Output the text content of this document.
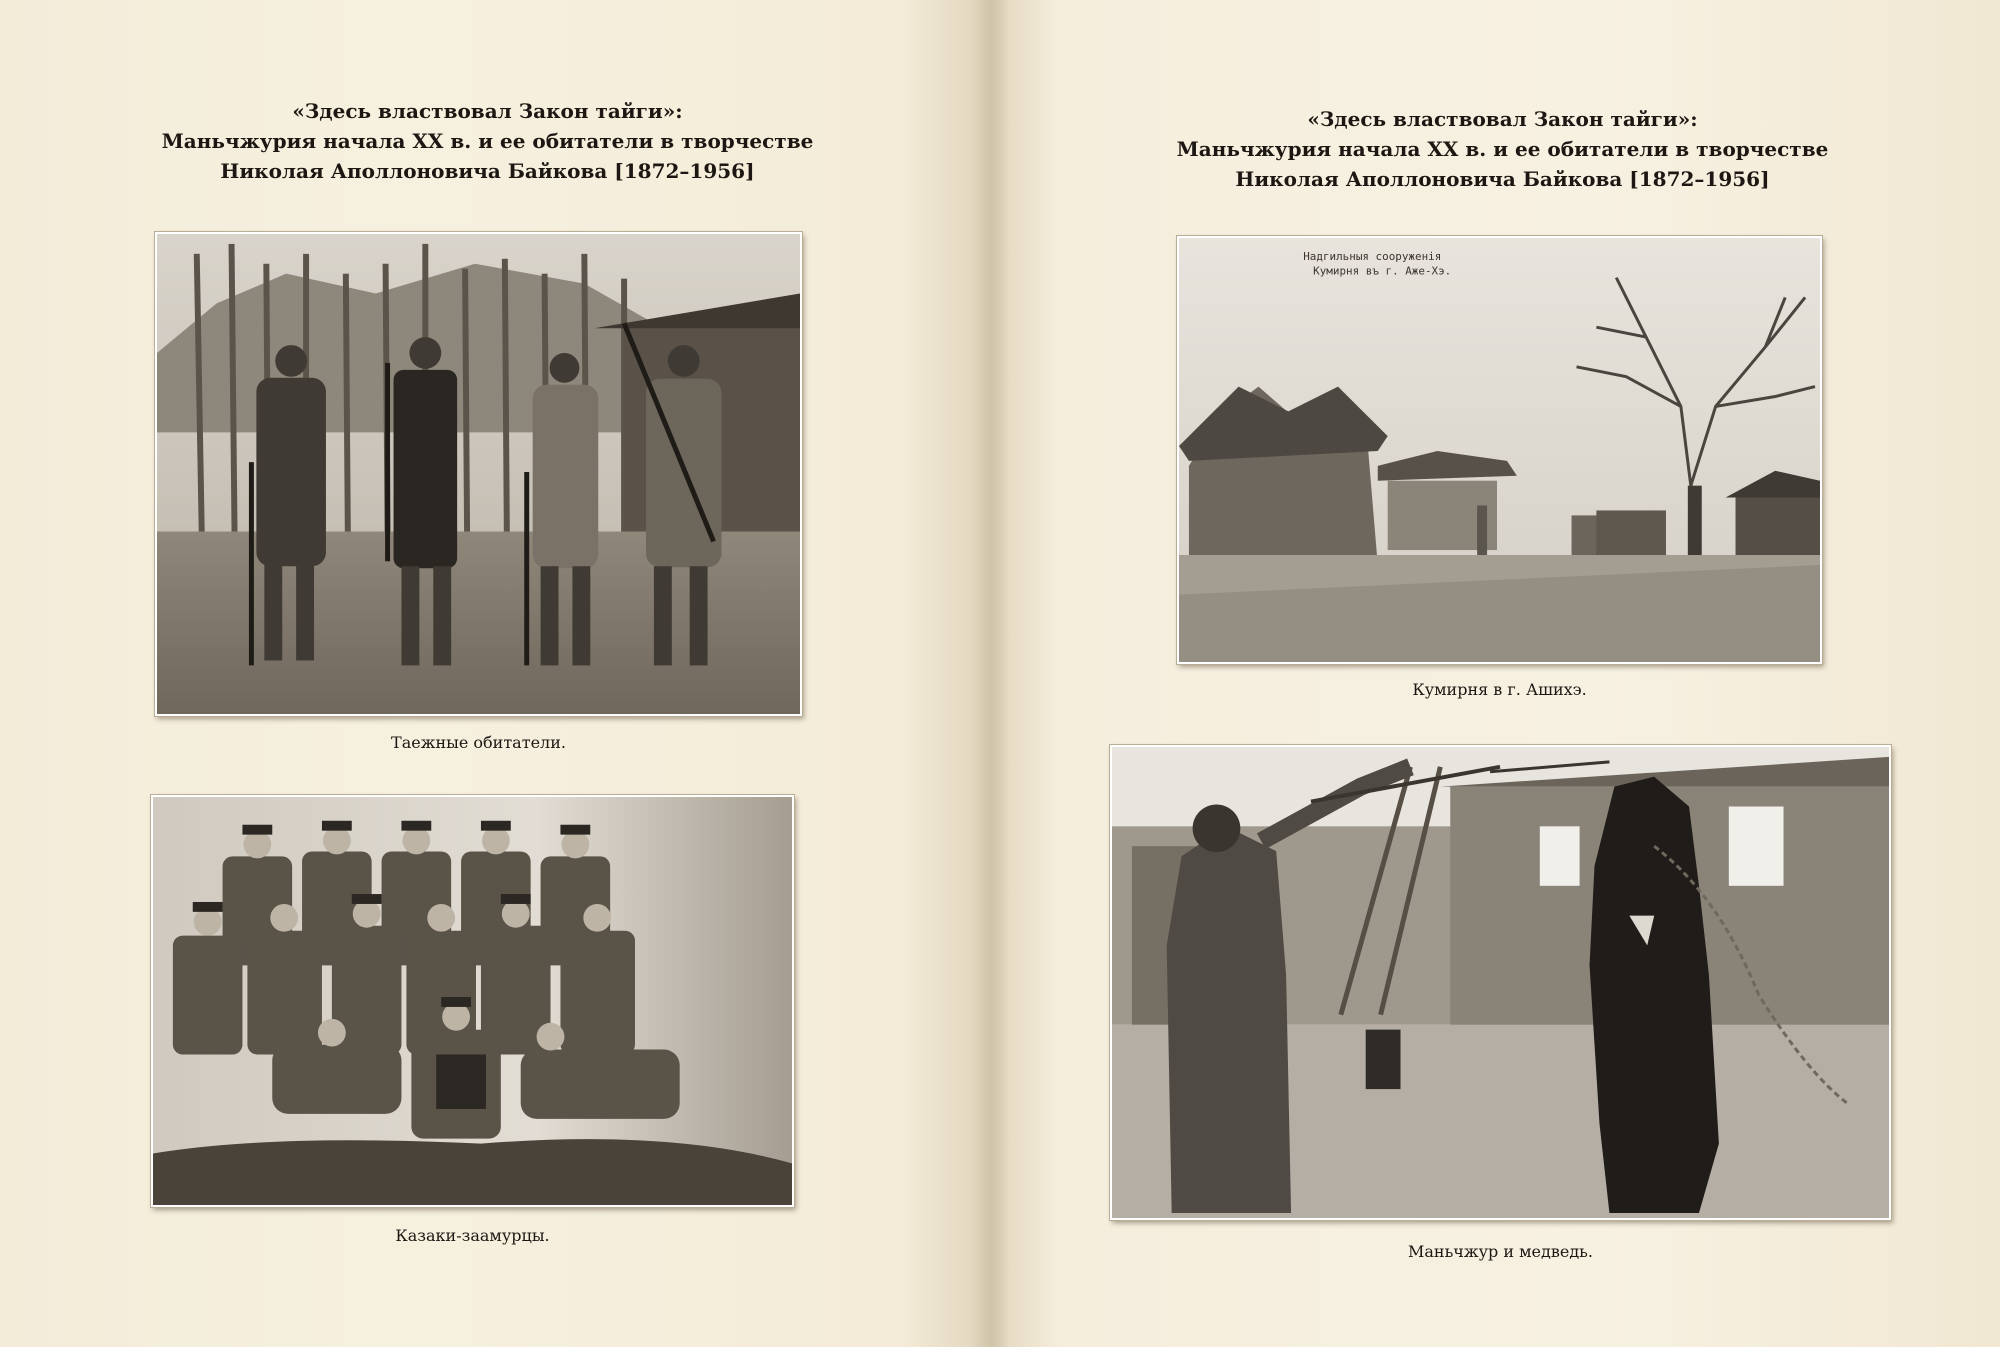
«Здесь властвовал Закон тайги»:
Маньчжурия начала XX в. и ее обитатели в творчестве
Николая Аполлоновича Байкова [1872–1956]

Таежные обитатели.

Казаки-заамурцы.

«Здесь властвовал Закон тайги»:
Маньчжурия начала XX в. и ее обитатели в творчестве
Николая Аполлоновича Байкова [1872–1956]
Надгильныя сооруженія
Кумирня въ г. Аже-Хэ.

Кумирня в г. Ашихэ.

Маньчжур и медведь.
